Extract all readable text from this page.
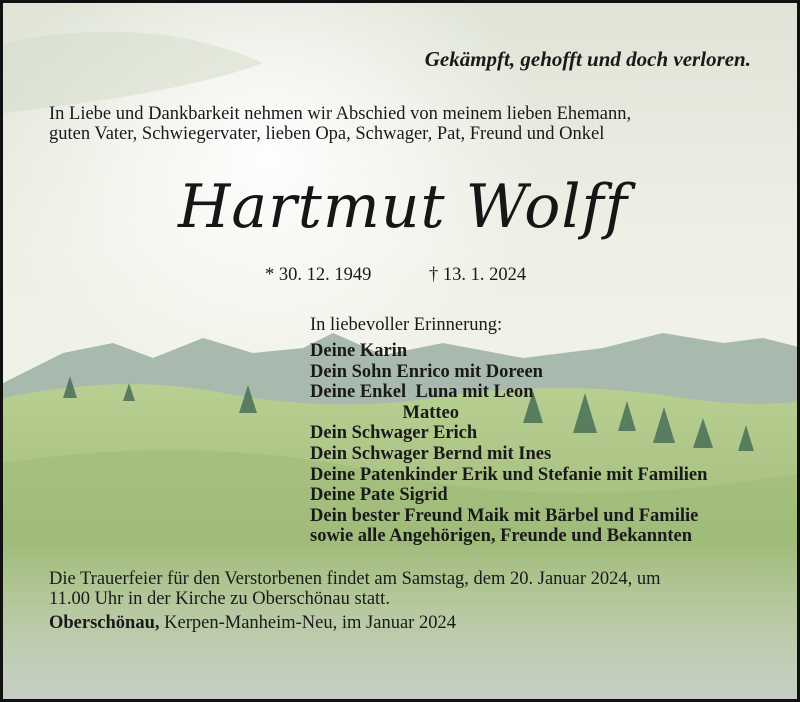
Gekämpft, gehofft und doch verloren.
In Liebe und Dankbarkeit nehmen wir Abschied von meinem lieben Ehemann,
guten Vater, Schwiegervater, lieben Opa, Schwager, Pat, Freund und Onkel
Hartmut Wolff
* 30. 12. 1949	† 13. 1. 2024
In liebevoller Erinnerung:
Deine Karin
Dein Sohn Enrico mit Doreen
Deine Enkel  Luna mit Leon
Matteo
Dein Schwager Erich
Dein Schwager Bernd mit Ines
Deine Patenkinder Erik und Stefanie mit Familien
Deine Pate Sigrid
Dein bester Freund Maik mit Bärbel und Familie
sowie alle Angehörigen, Freunde und Bekannten
Die Trauerfeier für den Verstorbenen findet am Samstag, dem 20. Januar 2024, um
11.00 Uhr in der Kirche zu Oberschönau statt.
Oberschönau, Kerpen-Manheim-Neu, im Januar 2024
